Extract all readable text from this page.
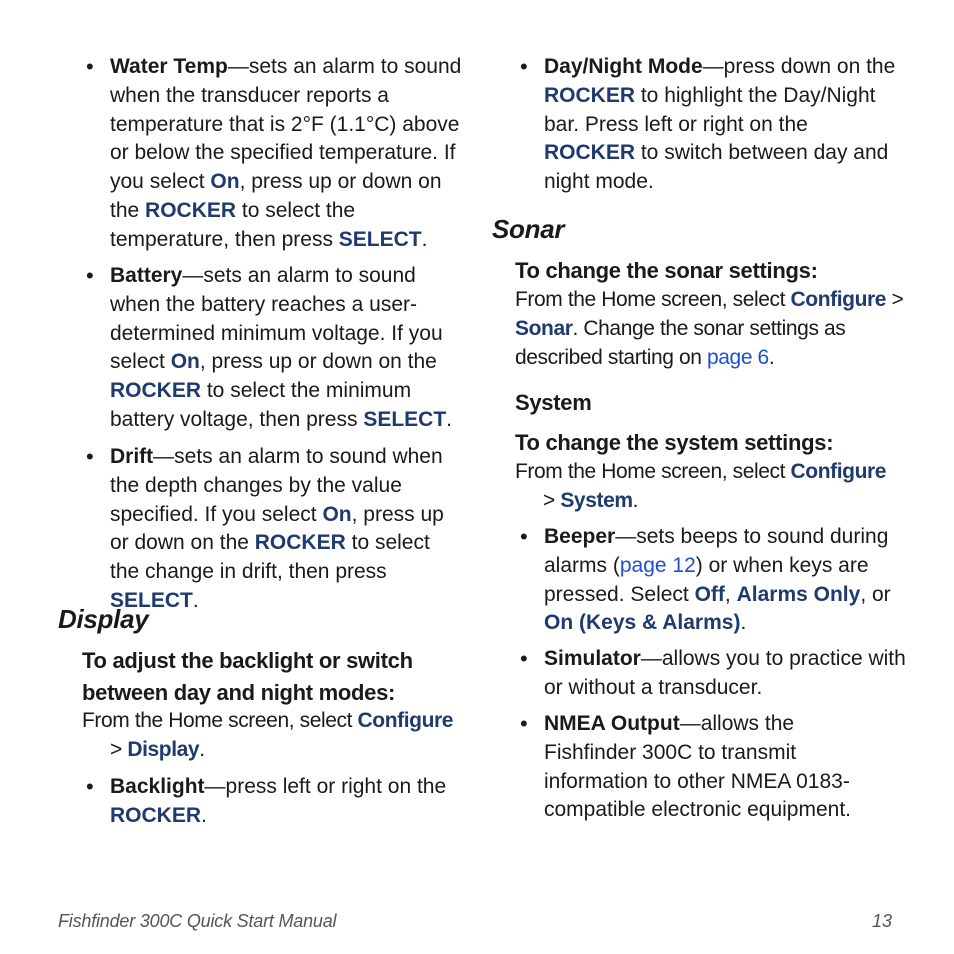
• Water Temp—sets an alarm to sound when the transducer reports a temperature that is 2°F (1.1°C) above or below the specified temperature. If you select On, press up or down on the ROCKER to select the temperature, then press SELECT.
• Battery—sets an alarm to sound when the battery reaches a user-determined minimum voltage. If you select On, press up or down on the ROCKER to select the minimum battery voltage, then press SELECT.
• Drift—sets an alarm to sound when the depth changes by the value specified. If you select On, press up or down on the ROCKER to select the change in drift, then press SELECT.
Display
To adjust the backlight or switch between day and night modes:
From the Home screen, select Configure
> Display.
• Backlight—press left or right on the ROCKER.
• Day/Night Mode—press down on the ROCKER to highlight the Day/Night bar. Press left or right on the ROCKER to switch between day and night mode.
Sonar
To change the sonar settings:
From the Home screen, select Configure > Sonar. Change the sonar settings as described starting on page 6.
System
To change the system settings:
From the Home screen, select Configure
> System.
• Beeper—sets beeps to sound during alarms (page 12) or when keys are pressed. Select Off, Alarms Only, or On (Keys & Alarms).
• Simulator—allows you to practice with or without a transducer.
• NMEA Output—allows the Fishfinder 300C to transmit information to other NMEA 0183-compatible electronic equipment.
Fishfinder 300C Quick Start Manual	13
